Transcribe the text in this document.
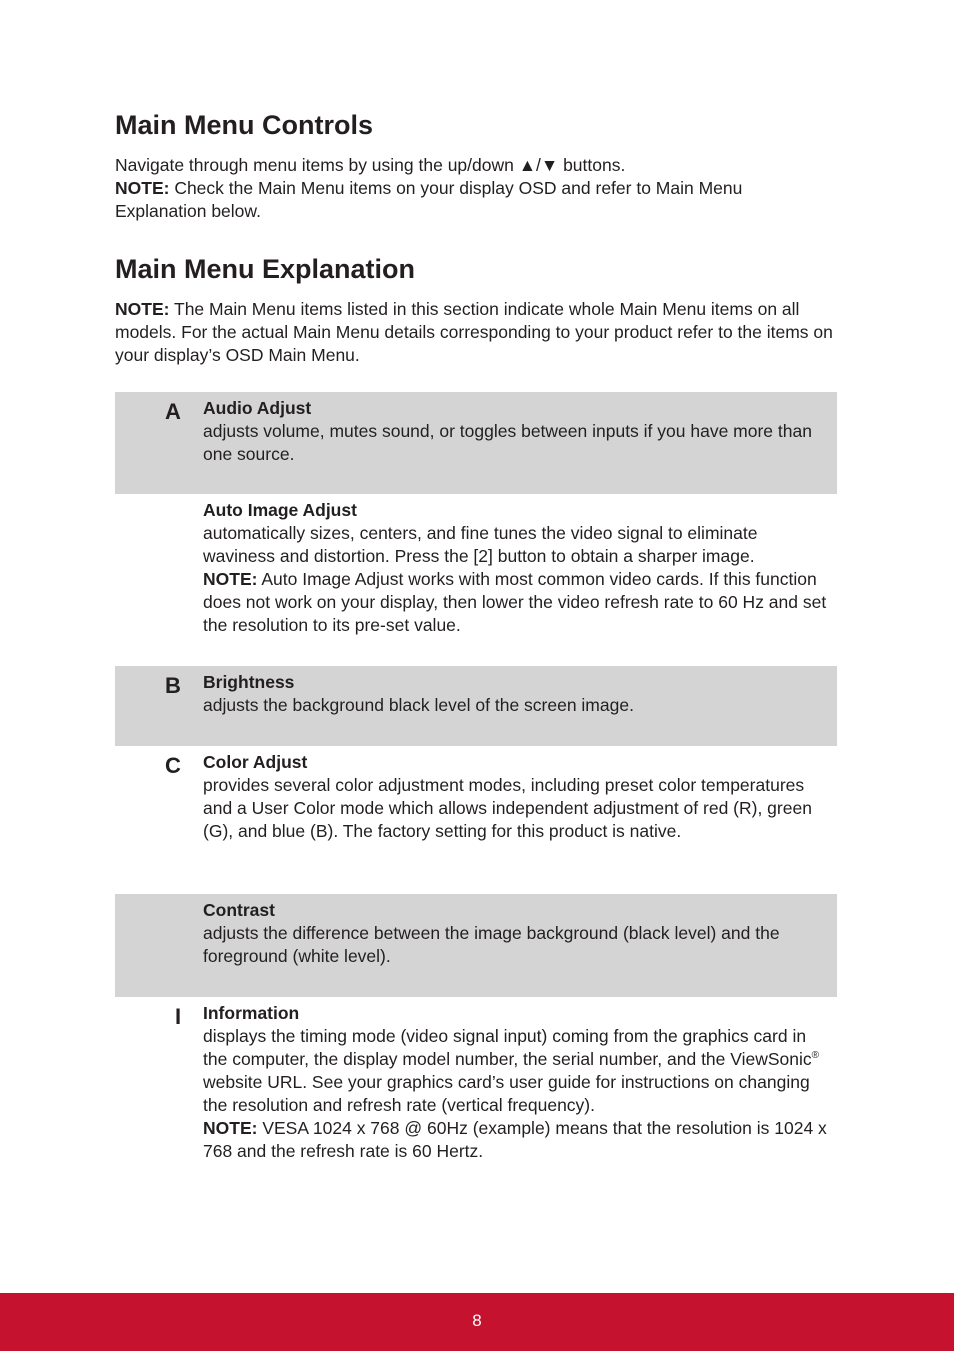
Main Menu Controls

Navigate through menu items by using the up/down ▲/▼ buttons.
NOTE: Check the Main Menu items on your display OSD and refer to Main Menu Explanation below.

Main Menu Explanation

NOTE: The Main Menu items listed in this section indicate whole Main Menu items on all models. For the actual Main Menu details corresponding to your product refer to the items on your display’s OSD Main Menu.

A Audio Adjust
adjusts volume, mutes sound, or toggles between inputs if you have more than one source.
Auto Image Adjust
automatically sizes, centers, and fine tunes the video signal to eliminate waviness and distortion. Press the [2] button to obtain a sharper image.
NOTE: Auto Image Adjust works with most common video cards. If this function does not work on your display, then lower the video refresh rate to 60 Hz and set the resolution to its pre-set value.
B Brightness
adjusts the background black level of the screen image.
C Color Adjust
provides several color adjustment modes, including preset color temperatures and a User Color mode which allows independent adjustment of red (R), green (G), and blue (B). The factory setting for this product is native.
Contrast
adjusts the difference between the image background (black level) and the foreground (white level).
I	Information
displays the timing mode (video signal input) coming from the graphics card in the computer, the display model number, the serial number, and the ViewSonic® website URL. See your graphics card’s user guide for instructions on changing the resolution and refresh rate (vertical frequency).
NOTE: VESA 1024 x 768 @ 60Hz (example) means that the resolution is 1024 x 768 and the refresh rate is 60 Hertz.
8
